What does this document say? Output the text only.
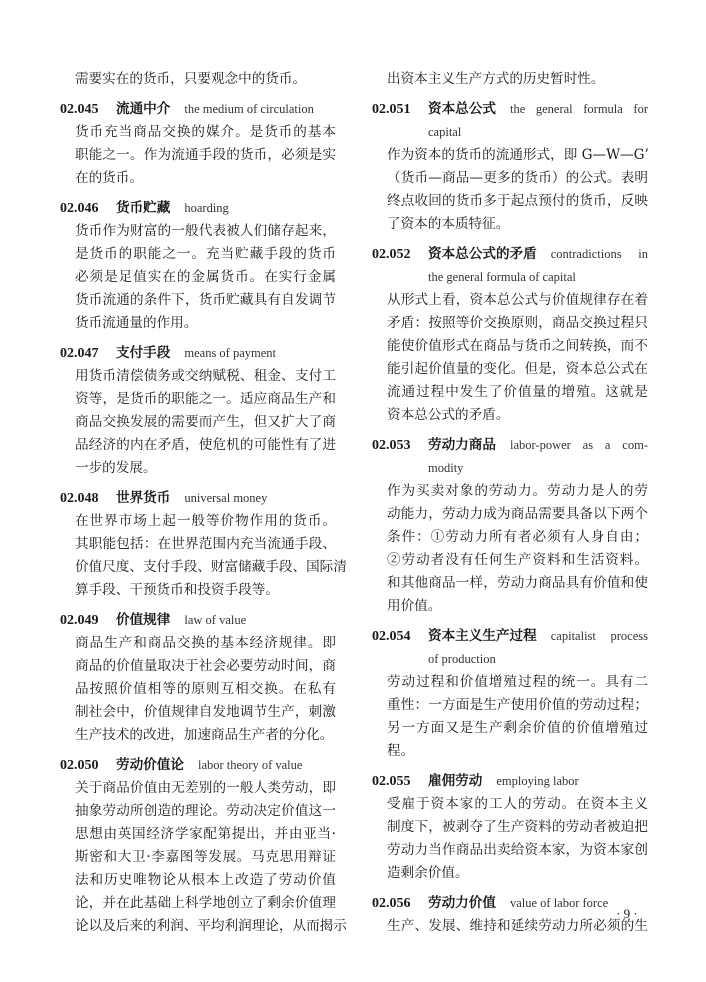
需要实在的货币，只要观念中的货币。
02.045	流通中介 the medium of circulation
货币充当商品交换的媒介。是货币的基本
职能之一。作为流通手段的货币，必须是实
在的货币。
02.046	货币贮藏 hoarding
货币作为财富的一般代表被人们储存起来，
是货币的职能之一。充当贮藏手段的货币
必须是足值实在的金属货币。在实行金属
货币流通的条件下，货币贮藏具有自发调节
货币流通量的作用。
02.047	支付手段 means of payment
用货币清偿债务或交纳赋税、租金、支付工
资等，是货币的职能之一。适应商品生产和
商品交换发展的需要而产生，但又扩大了商
品经济的内在矛盾，使危机的可能性有了进
一步的发展。
02.048	世界货币 universal money
在世界市场上起一般等价物作用的货币。
其职能包括：在世界范围内充当流通手段、
价值尺度、支付手段、财富储藏手段、国际清
算手段、干预货币和投资手段等。
02.049	价值规律 law of value
商品生产和商品交换的基本经济规律。即
商品的价值量取决于社会必要劳动时间，商
品按照价值相等的原则互相交换。在私有
制社会中，价值规律自发地调节生产，刺激
生产技术的改进，加速商品生产者的分化。
02.050	劳动价值论 labor theory of value
关于商品价值由无差别的一般人类劳动，即
抽象劳动所创造的理论。劳动决定价值这一
思想由英国经济学家配第提出，并由亚当·
斯密和大卫·李嘉图等发展。马克思用辩证
法和历史唯物论从根本上改造了劳动价值
论，并在此基础上科学地创立了剩余价值理
论以及后来的利润、平均利润理论，从而揭示
出资本主义生产方式的历史暂时性。
02.051	资本总公式 the general formula for
capital
作为资本的货币的流通形式，即 G—W—G’
（货币—商品—更多的货币）的公式。表明
终点收回的货币多于起点预付的货币，反映
了资本的本质特征。
02.052	资本总公式的矛盾 contradictions in
the general formula of capital
从形式上看，资本总公式与价值规律存在着
矛盾：按照等价交换原则，商品交换过程只
能使价值形式在商品与货币之间转换，而不
能引起价值量的变化。但是，资本总公式在
流通过程中发生了价值量的增殖。这就是
资本总公式的矛盾。
02.053	劳动力商品 labor-power as a com-
modity
作为买卖对象的劳动力。劳动力是人的劳
动能力，劳动力成为商品需要具备以下两个
条件：①劳动力所有者必须有人身自由；
②劳动者没有任何生产资料和生活资料。
和其他商品一样，劳动力商品具有价值和使
用价值。
02.054	资本主义生产过程 capitalist process
of production
劳动过程和价值增殖过程的统一。具有二
重性：一方面是生产使用价值的劳动过程；
另一方面又是生产剩余价值的价值增殖过
程。
02.055	雇佣劳动 employing labor
受雇于资本家的工人的劳动。在资本主义
制度下，被剥夺了生产资料的劳动者被迫把
劳动力当作商品出卖给资本家，为资本家创
造剩余价值。
02.056	劳动力价值 value of labor force
生产、发展、维持和延续劳动力所必须的生
· 9 ·
